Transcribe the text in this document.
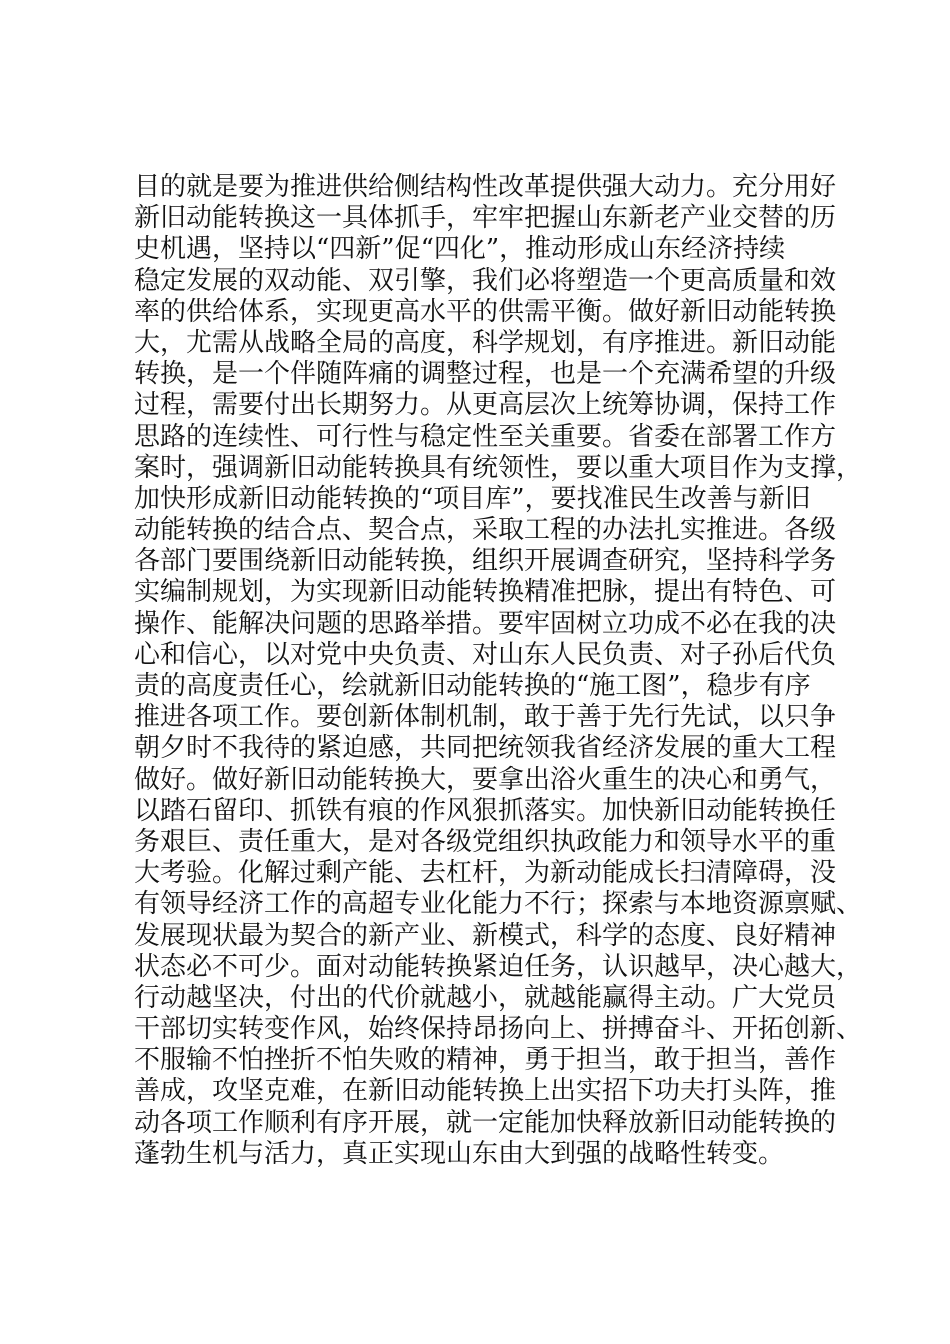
目的就是要为推进供给侧结构性改革提供强大动力。充分用好
新旧动能转换这一具体抓手，牢牢把握山东新老产业交替的历
史机遇，坚持以“四新”促“四化”，推动形成山东经济持续
稳定发展的双动能、双引擎，我们必将塑造一个更高质量和效
率的供给体系，实现更高水平的供需平衡。做好新旧动能转换
大，尤需从战略全局的高度，科学规划，有序推进。新旧动能
转换，是一个伴随阵痛的调整过程，也是一个充满希望的升级
过程，需要付出长期努力。从更高层次上统筹协调，保持工作
思路的连续性、可行性与稳定性至关重要。省委在部署工作方
案时，强调新旧动能转换具有统领性，要以重大项目作为支撑，
加快形成新旧动能转换的“项目库”，要找准民生改善与新旧
动能转换的结合点、契合点，采取工程的办法扎实推进。各级
各部门要围绕新旧动能转换，组织开展调查研究，坚持科学务
实编制规划，为实现新旧动能转换精准把脉，提出有特色、可
操作、能解决问题的思路举措。要牢固树立功成不必在我的决
心和信心，以对党中央负责、对山东人民负责、对子孙后代负
责的高度责任心，绘就新旧动能转换的“施工图”，稳步有序
推进各项工作。要创新体制机制，敢于善于先行先试，以只争
朝夕时不我待的紧迫感，共同把统领我省经济发展的重大工程
做好。做好新旧动能转换大，要拿出浴火重生的决心和勇气，
以踏石留印、抓铁有痕的作风狠抓落实。加快新旧动能转换任
务艰巨、责任重大，是对各级党组织执政能力和领导水平的重
大考验。化解过剩产能、去杠杆，为新动能成长扫清障碍，没
有领导经济工作的高超专业化能力不行；探索与本地资源禀赋、
发展现状最为契合的新产业、新模式，科学的态度、良好精神
状态必不可少。面对动能转换紧迫任务，认识越早，决心越大，
行动越坚决，付出的代价就越小，就越能赢得主动。广大党员
干部切实转变作风，始终保持昂扬向上、拼搏奋斗、开拓创新、
不服输不怕挫折不怕失败的精神，勇于担当，敢于担当，善作
善成，攻坚克难，在新旧动能转换上出实招下功夫打头阵，推
动各项工作顺利有序开展，就一定能加快释放新旧动能转换的
蓬勃生机与活力，真正实现山东由大到强的战略性转变。
